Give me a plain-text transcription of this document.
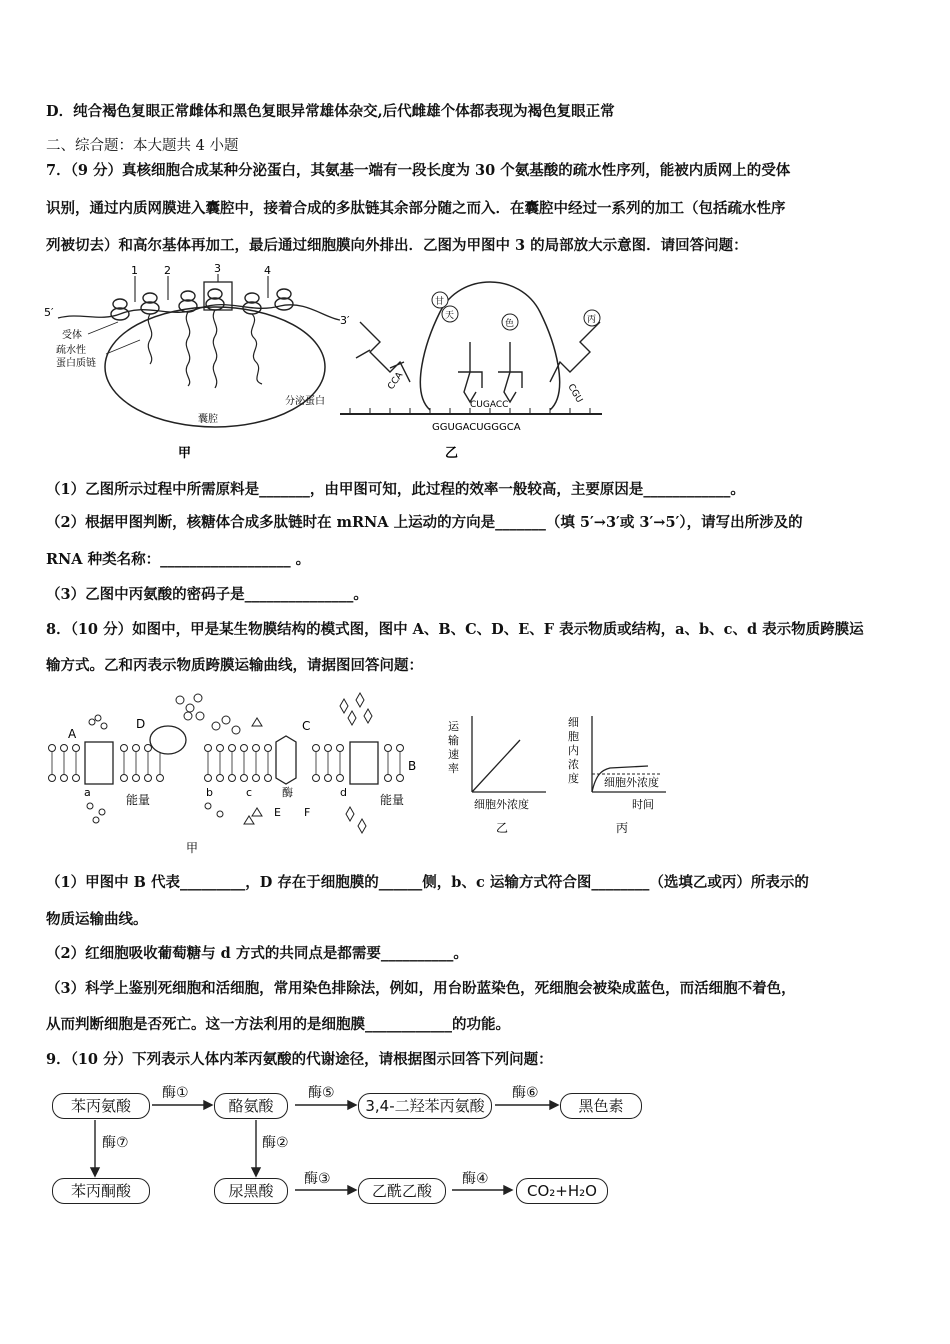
D．纯合褐色复眼正常雌体和黑色复眼异常雄体杂交,后代雌雄个体都表现为褐色复眼正常
二、综合题：本大题共 4 小题
7．（9 分）真核细胞合成某种分泌蛋白，其氨基一端有一段长度为 30 个氨基酸的疏水性序列，能被内质网上的受体
识别，通过内质网膜进入囊腔中，接着合成的多肽链其余部分随之而入．在囊腔中经过一系列的加工（包括疏水性序
列被切去）和高尔基体再加工，最后通过细胞膜向外排出．乙图为甲图中 3 的局部放大示意图．请回答问题：
1 2	3	4
5′
3′
受体
疏水性
蛋白质链
分泌蛋白
囊腔
甲
甘
天
色	丙
CCA
CUGACC
CGU
GGUGACUGGGCA
乙
（1）乙图所示过程中所需原料是_______，由甲图可知，此过程的效率一般较高，主要原因是____________。
（2）根据甲图判断，核糖体合成多肽链时在 mRNA 上运动的方向是_______（填 5′→3′或 3′→5′），请写出所涉及的
RNA 种类名称：__________________ 。
（3）乙图中丙氨酸的密码子是_______________。
8．（10 分）如图中，甲是某生物膜结构的模式图，图中 A、B、C、D、E、F 表示物质或结构，a、b、c、d 表示物质跨膜运
输方式。乙和丙表示物质跨膜运输曲线，请据图回答问题：
A
D	C
B
a	b	c	d
能量	能量
酶
E F
甲
运
输
速
率
细胞外浓度
乙
细
胞
内
浓
度 细胞外浓度
时间
丙
（1）甲图中 B 代表_________，D 存在于细胞膜的______侧，b、c 运输方式符合图________（选填乙或丙）所表示的
物质运输曲线。
（2）红细胞吸收葡萄糖与 d 方式的共同点是都需要__________。
（3）科学上鉴别死细胞和活细胞，常用染色排除法，例如，用台盼蓝染色，死细胞会被染成蓝色，而活细胞不着色，
从而判断细胞是否死亡。这一方法利用的是细胞膜____________的功能。
9．（10 分）下列表示人体内苯丙氨酸的代谢途径，请根据图示回答下列问题：
苯丙氨酸	酪氨酸	3,4-二羟苯丙氨酸	黑色素
苯丙酮酸	尿黑酸	乙酰乙酸	CO₂+H₂O
酶①	酶⑤	酶⑥
酶⑦	酶②
酶③	酶④
